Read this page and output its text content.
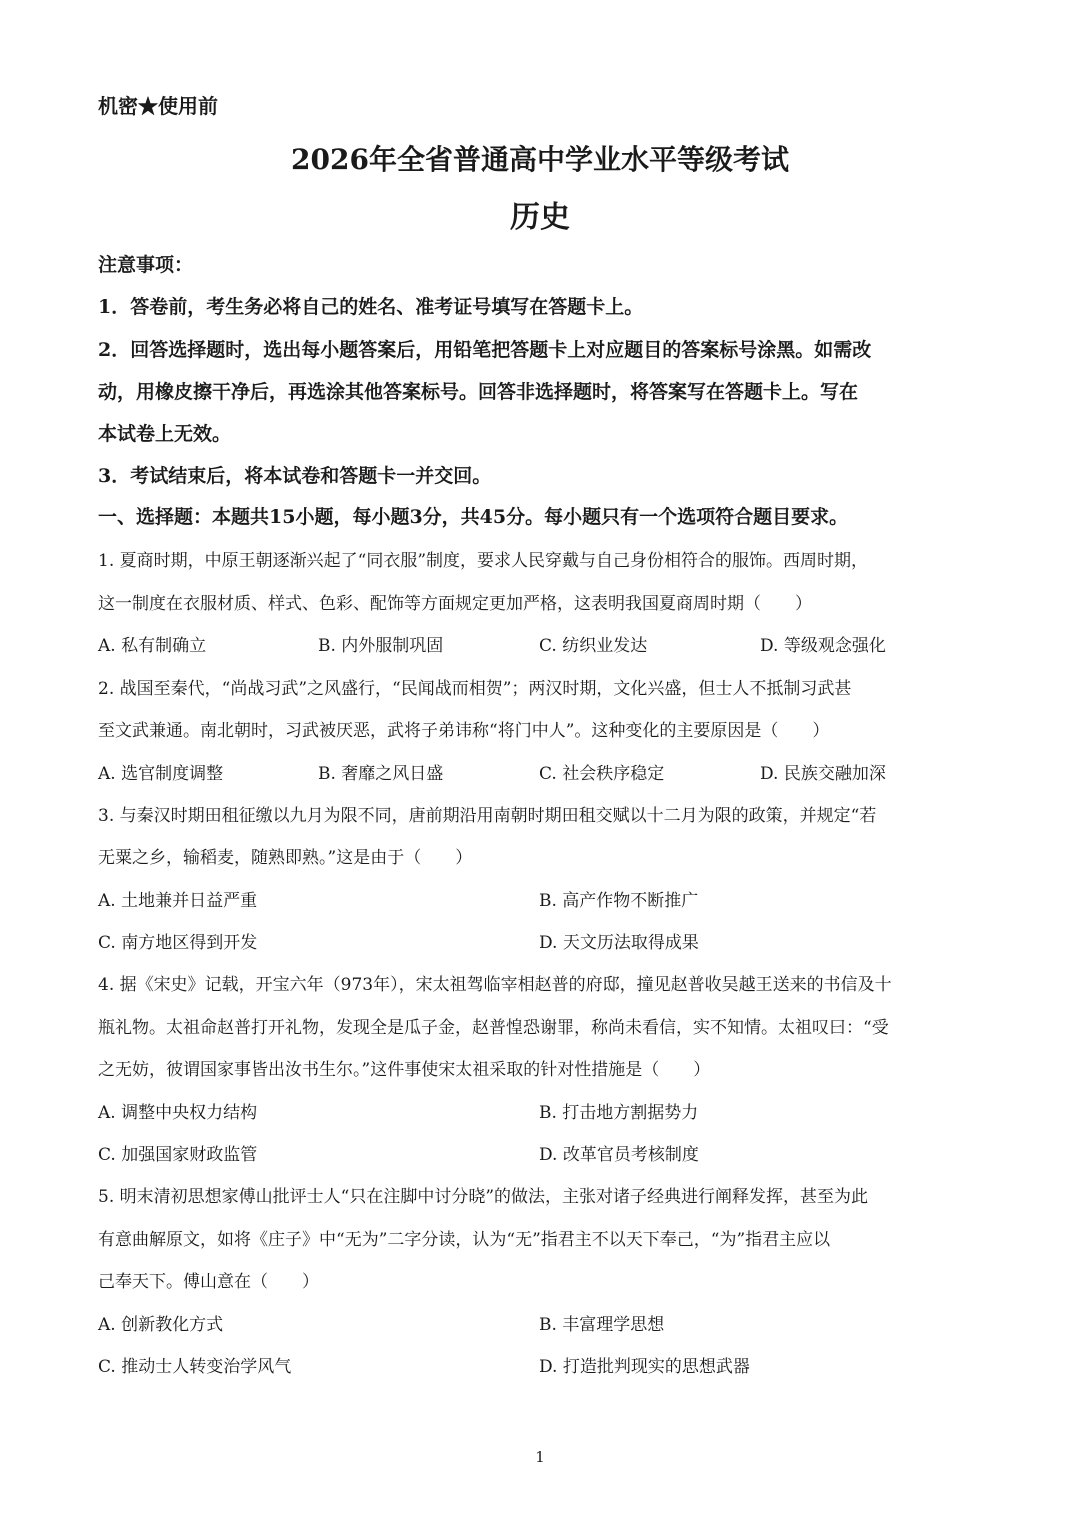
机密★使用前
2026年全省普通高中学业水平等级考试
历史
注意事项：
1．答卷前，考生务必将自己的姓名、准考证号填写在答题卡上。
2．回答选择题时，选出每小题答案后，用铅笔把答题卡上对应题目的答案标号涂黑。如需改
动，用橡皮擦干净后，再选涂其他答案标号。回答非选择题时，将答案写在答题卡上。写在
本试卷上无效。
3．考试结束后，将本试卷和答题卡一并交回。
一、选择题：本题共15小题，每小题3分，共45分。每小题只有一个选项符合题目要求。
1. 夏商时期，中原王朝逐渐兴起了“同衣服”制度，要求人民穿戴与自己身份相符合的服饰。西周时期，
这一制度在衣服材质、样式、色彩、配饰等方面规定更加严格，这表明我国夏商周时期（　　）
A. 私有制确立	B. 内外服制巩固	C. 纺织业发达	D. 等级观念强化
2. 战国至秦代，“尚战习武”之风盛行，“民闻战而相贺”；两汉时期，文化兴盛，但士人不抵制习武甚
至文武兼通。南北朝时，习武被厌恶，武将子弟讳称“将门中人”。这种变化的主要原因是（　　）
A. 选官制度调整	B. 奢靡之风日盛	C. 社会秩序稳定	D. 民族交融加深
3. 与秦汉时期田租征缴以九月为限不同，唐前期沿用南朝时期田租交赋以十二月为限的政策，并规定“若
无粟之乡，输稻麦，随熟即熟。”这是由于（　　）
A. 土地兼并日益严重	B. 高产作物不断推广
C. 南方地区得到开发	D. 天文历法取得成果
4. 据《宋史》记载，开宝六年（973年），宋太祖驾临宰相赵普的府邸，撞见赵普收吴越王送来的书信及十
瓶礼物。太祖命赵普打开礼物，发现全是瓜子金，赵普惶恐谢罪，称尚未看信，实不知情。太祖叹曰：“受
之无妨，彼谓国家事皆出汝书生尔。”这件事使宋太祖采取的针对性措施是（　　）
A. 调整中央权力结构	B. 打击地方割据势力
C. 加强国家财政监管	D. 改革官员考核制度
5. 明末清初思想家傅山批评士人“只在注脚中讨分晓”的做法，主张对诸子经典进行阐释发挥，甚至为此
有意曲解原文，如将《庄子》中“无为”二字分读，认为“无”指君主不以天下奉己，“为”指君主应以
己奉天下。傅山意在（　　）
A. 创新教化方式	B. 丰富理学思想
C. 推动士人转变治学风气	D. 打造批判现实的思想武器
1
